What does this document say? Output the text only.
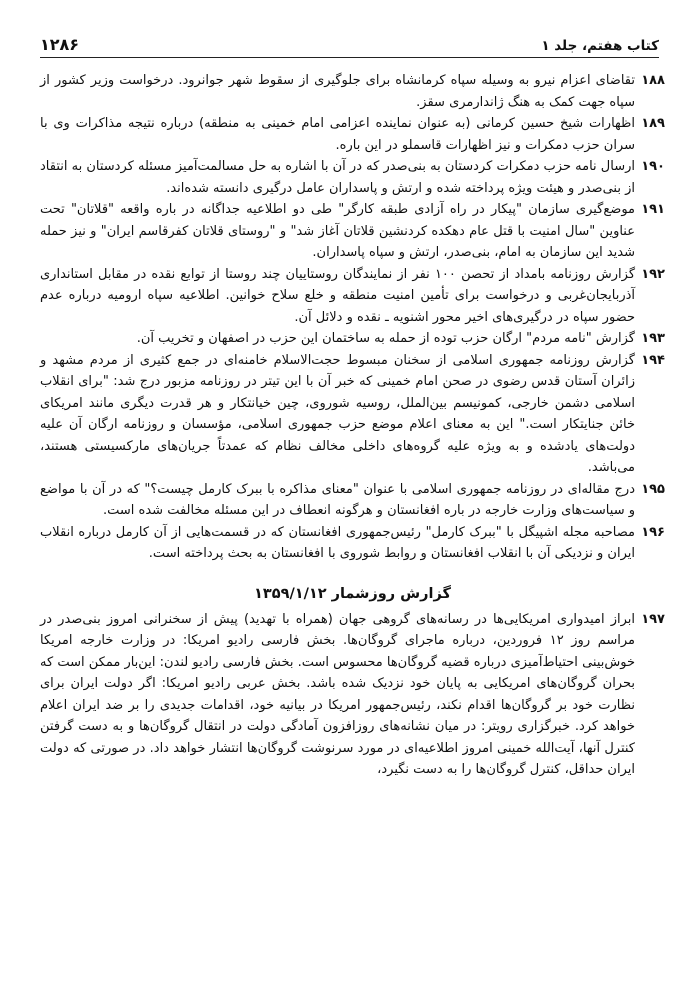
کتاب هفتم، جلد ۱
۱۲۸۶
۱۸۸
تقاضای اعزام نیرو به وسیله سپاه کرمانشاه برای جلوگیری از سقوط شهر جوانرود. درخواست وزیر کشور از سپاه جهت کمک به هنگ ژاندارمری سقز.
۱۸۹
اظهارات شیخ حسین کرمانی (به عنوان نماینده اعزامی امام خمینی به منطقه) درباره نتیجه مذاکرات وی با سران حزب دمکرات و نیز اظهارات قاسملو در این باره.
۱۹۰
ارسال نامه حزب دمکرات کردستان به بنی‌صدر که در آن با اشاره به حل مسالمت‌آمیز مسئله کردستان به انتقاد از بنی‌صدر و هیئت ویژه پرداخته شده و ارتش و پاسداران عامل درگیری دانسته شده‌اند.
۱۹۱
موضع‌گیری سازمان "پیکار در راه آزادی طبقه کارگر" طی دو اطلاعیه جداگانه در باره واقعه "قلاتان" تحت عناوین "سال امنیت با قتل عام دهکده کردنشین قلاتان آغاز شد" و "روستای قلاتان کفرقاسم ایران" و نیز حمله شدید این سازمان به امام، بنی‌صدر، ارتش و سپاه پاسداران.
۱۹۲
گزارش روزنامه بامداد از تحصن ۱۰۰ نفر از نمایندگان روستاییان چند روستا از توابع نقده در مقابل استانداری آذربایجان‌غربی و درخواست برای تأمین امنیت منطقه و خلع سلاح خوانین. اطلاعیه سپاه ارومیه درباره عدم حضور سپاه در درگیری‌های اخیر محور اشنویه ـ نقده و دلائل آن.
۱۹۳
گزارش "نامه مردم" ارگان حزب توده از حمله به ساختمان این حزب در اصفهان و تخریب آن.
۱۹۴
گزارش روزنامه جمهوری اسلامی از سخنان مبسوط حجت‌الاسلام خامنه‌ای در جمع کثیری از مردم مشهد و زائران آستان قدس رضوی در صحن امام خمینی که خبر آن با این تیتر در روزنامه مزبور درج شد: "برای انقلاب اسلامی دشمن خارجی، کمونیسم بین‌الملل، روسیه شوروی، چین خیانتکار و هر قدرت دیگری مانند امریکای خائن جنایتکار است." این به معنای اعلام موضع حزب جمهوری اسلامی، مؤسسان و روزنامه ارگان آن علیه دولت‌های یادشده و به ویژه علیه گروه‌های داخلی مخالف نظام که عمدتاً جریان‌های مارکسیستی هستند، می‌باشد.
۱۹۵
درج مقاله‌ای در روزنامه جمهوری اسلامی با عنوان "معنای مذاکره با ببرک کارمل چیست؟" که در آن با مواضع و سیاست‌های وزارت خارجه در باره افغانستان و هرگونه انعطاف در این مسئله مخالفت شده است.
۱۹۶
مصاحبه مجله اشپیگل با "ببرک کارمل" رئیس‌جمهوری افغانستان که در قسمت‌هایی از آن کارمل درباره انقلاب ایران و نزدیکی آن با انقلاب افغانستان و روابط شوروی با افغانستان به بحث پرداخته است.
گزارش روزشمار ۱۳۵۹/۱/۱۲
۱۹۷
ابراز امیدواری امریکایی‌ها در رسانه‌های گروهی جهان (همراه با تهدید) پیش از سخنرانی امروز بنی‌صدر در مراسم روز ۱۲ فروردین، درباره ماجرای گروگان‌ها. بخش فارسی رادیو امریکا: در وزارت خارجه امریکا خوش‌بینی احتیاط‌آمیزی درباره قضیه گروگان‌ها محسوس است. بخش فارسی رادیو لندن: این‌بار ممکن است که بحران گروگان‌های امریکایی به پایان خود نزدیک شده باشد. بخش عربی رادیو امریکا: اگر دولت ایران برای نظارت خود بر گروگان‌ها اقدام نکند، رئیس‌جمهور امریکا در بیانیه خود، اقدامات جدیدی را بر ضد ایران اعلام خواهد کرد. خبرگزاری رویتر: در میان نشانه‌های روزافزون آمادگی دولت در انتقال گروگان‌ها و به دست گرفتن کنترل آنها، آیت‌الله خمینی امروز اطلاعیه‌ای در مورد سرنوشت گروگان‌ها انتشار خواهد داد. در صورتی که دولت ایران حداقل، کنترل گروگان‌ها را به دست نگیرد،
